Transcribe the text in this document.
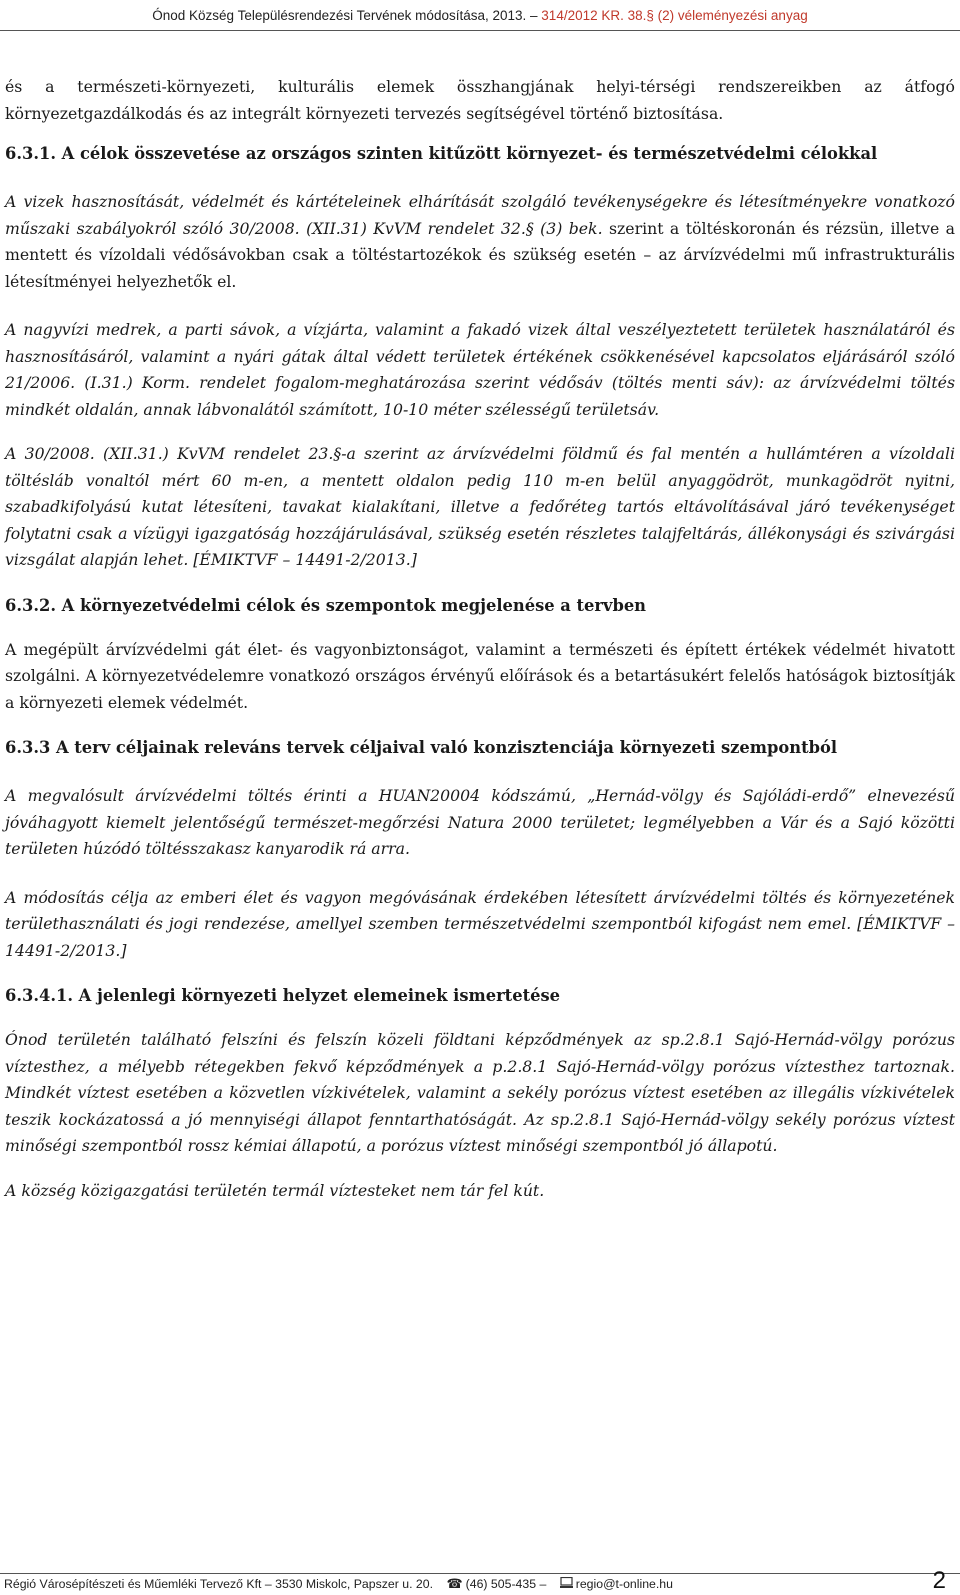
Ónod Község Településrendezési Tervének módosítása, 2013. – 314/2012 KR. 38.§ (2) véleményezési anyag

és a természeti-környezeti, kulturális elemek összhangjának helyi-térségi rendszereikben az átfogó környezetgazdálkodás és az integrált környezeti tervezés segítségével történő biztosítása.

6.3.1. A célok összevetése az országos szinten kitűzött környezet- és természetvédelmi célokkal

A vizek hasznosítását, védelmét és kártételeinek elhárítását szolgáló tevékenységekre és létesítményekre vonatkozó műszaki szabályokról szóló 30/2008. (XII.31) KvVM rendelet 32.§ (3) bek. szerint a töltéskoronán és rézsün, illetve a mentett és vízoldali védősávokban csak a töltéstartozékok és szükség esetén – az árvízvédelmi mű infrastrukturális létesítményei helyezhetők el.

A nagyvízi medrek, a parti sávok, a vízjárta, valamint a fakadó vizek által veszélyeztetett területek használatáról és hasznosításáról, valamint a nyári gátak által védett területek értékének csökkenésével kapcsolatos eljárásáról szóló 21/2006. (I.31.) Korm. rendelet fogalom-meghatározása szerint védősáv (töltés menti sáv): az árvízvédelmi töltés mindkét oldalán, annak lábvonalától számított, 10-10 méter szélességű területsáv.

A 30/2008. (XII.31.) KvVM rendelet 23.§-a szerint az árvízvédelmi földmű és fal mentén a hullámtéren a vízoldali töltésláb vonaltól mért 60 m-en, a mentett oldalon pedig 110 m-en belül anyaggödröt, munkagödröt nyitni, szabadkifolyású kutat létesíteni, tavakat kialakítani, illetve a fedőréteg tartós eltávolításával járó tevékenységet folytatni csak a vízügyi igazgatóság hozzájárulásával, szükség esetén részletes talajfeltárás, állékonysági és szivárgási vizsgálat alapján lehet. [ÉMIKTVF – 14491-2/2013.]

6.3.2. A környezetvédelmi célok és szempontok megjelenése a tervben

A megépült árvízvédelmi gát élet- és vagyonbiztonságot, valamint a természeti és épített értékek védelmét hivatott szolgálni. A környezetvédelemre vonatkozó országos érvényű előírások és a betartásukért felelős hatóságok biztosítják a környezeti elemek védelmét.

6.3.3 A terv céljainak releváns tervek céljaival való konzisztenciája környezeti szempontból

A megvalósult árvízvédelmi töltés érinti a HUAN20004 kódszámú, „Hernád-völgy és Sajóládi-erdő” elnevezésű jóváhagyott kiemelt jelentőségű természet-megőrzési Natura 2000 területet; legmélyebben a Vár és a Sajó közötti területen húzódó töltésszakasz kanyarodik rá arra.

A módosítás célja az emberi élet és vagyon megóvásának érdekében létesített árvízvédelmi töltés és környezetének területhasználati és jogi rendezése, amellyel szemben természetvédelmi szempontból kifogást nem emel. [ÉMIKTVF – 14491-2/2013.]

6.3.4.1. A jelenlegi környezeti helyzet elemeinek ismertetése

Ónod területén található felszíni és felszín közeli földtani képződmények az sp.2.8.1 Sajó-Hernád-völgy porózus víztesthez, a mélyebb rétegekben fekvő képződmények a p.2.8.1 Sajó-Hernád-völgy porózus víztesthez tartoznak. Mindkét víztest esetében a közvetlen vízkivételek, valamint a sekély porózus víztest esetében az illegális vízkivételek teszik kockázatossá a jó mennyiségi állapot fenntarthatóságát. Az sp.2.8.1 Sajó-Hernád-völgy sekély porózus víztest minőségi szempontból rossz kémiai állapotú, a porózus víztest minőségi szempontból jó állapotú.

A község közigazgatási területén termál víztesteket nem tár fel kút.

Régió Városépítészeti és Műemléki Tervező Kft – 3530 Miskolc, Papszer u. 20. ☎ (46) 505-435 – regio@t-online.hu	2
